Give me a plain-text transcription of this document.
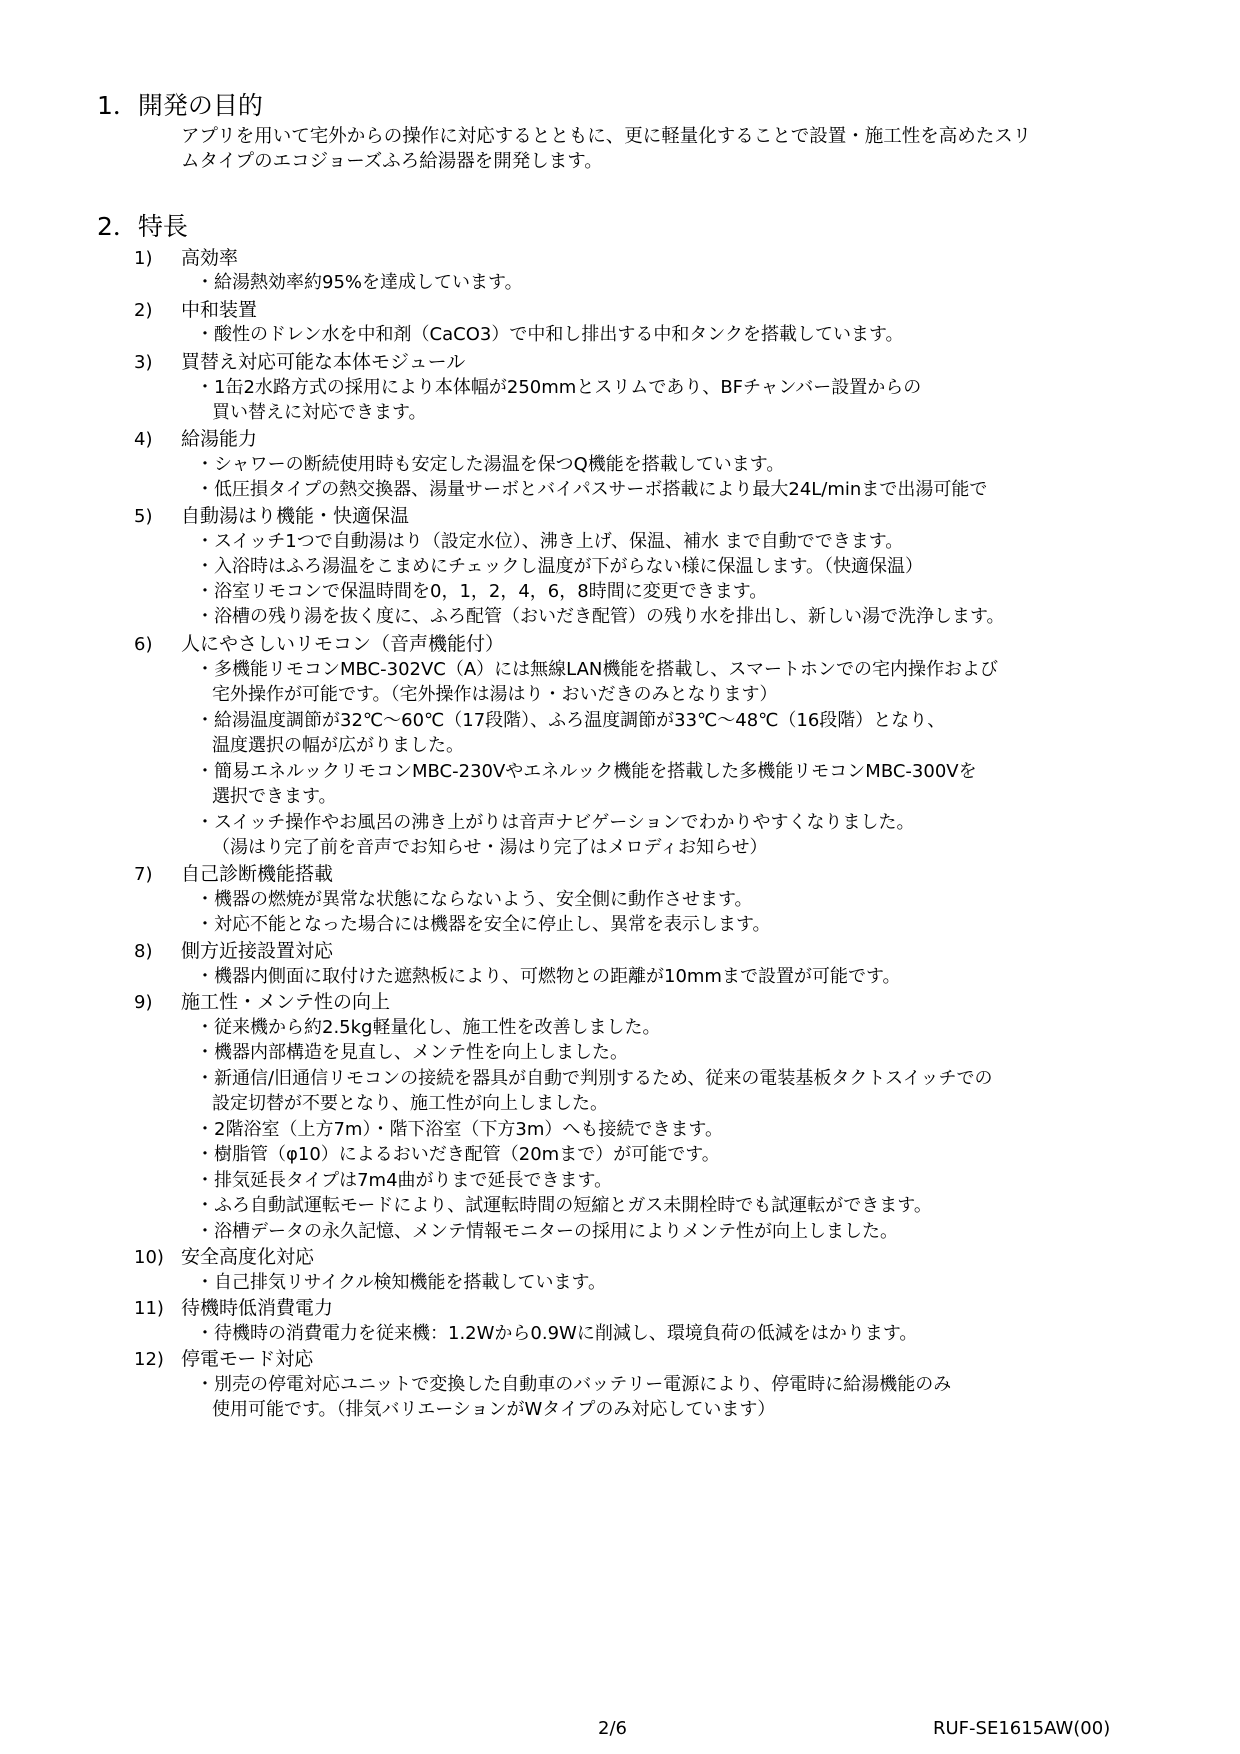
1．開発の目的
アプリを用いて宅外からの操作に対応するとともに、更に軽量化することで設置・施工性を高めたスリ
ムタイプのエコジョーズふろ給湯器を開発します。
2．特長
1) 高効率
・給湯熱効率約95%を達成しています。
2) 中和装置
・酸性のドレン水を中和剤（CaCO3）で中和し排出する中和タンクを搭載しています。
3) 買替え対応可能な本体モジュール
・1缶2水路方式の採用により本体幅が250mmとスリムであり、BFチャンバー設置からの
買い替えに対応できます。
4) 給湯能力
・シャワーの断続使用時も安定した湯温を保つQ機能を搭載しています。
・低圧損タイプの熱交換器、湯量サーボとバイパスサーボ搭載により最大24L/minまで出湯可能で
5) 自動湯はり機能・快適保温
・スイッチ1つで自動湯はり（設定水位）、沸き上げ、保温、補水 まで自動でできます。
・入浴時はふろ湯温をこまめにチェックし温度が下がらない様に保温します。（快適保温）
・浴室リモコンで保温時間を0，1，2，4，6，8時間に変更できます。
・浴槽の残り湯を抜く度に、ふろ配管（おいだき配管）の残り水を排出し、新しい湯で洗浄します。
6) 人にやさしいリモコン（音声機能付）
・多機能リモコンMBC-302VC（A）には無線LAN機能を搭載し、スマートホンでの宅内操作および
宅外操作が可能です。（宅外操作は湯はり・おいだきのみとなります）
・給湯温度調節が32℃～60℃（17段階）、ふろ温度調節が33℃～48℃（16段階）となり、
温度選択の幅が広がりました。
・簡易エネルックリモコンMBC-230Vやエネルック機能を搭載した多機能リモコンMBC-300Vを
選択できます。
・スイッチ操作やお風呂の沸き上がりは音声ナビゲーションでわかりやすくなりました。
（湯はり完了前を音声でお知らせ・湯はり完了はメロディお知らせ）
7) 自己診断機能搭載
・機器の燃焼が異常な状態にならないよう、安全側に動作させます。
・対応不能となった場合には機器を安全に停止し、異常を表示します。
8) 側方近接設置対応
・機器内側面に取付けた遮熱板により、可燃物との距離が10mmまで設置が可能です。
9) 施工性・メンテ性の向上
・従来機から約2.5kg軽量化し、施工性を改善しました。
・機器内部構造を見直し、メンテ性を向上しました。
・新通信/旧通信リモコンの接続を器具が自動で判別するため、従来の電装基板タクトスイッチでの
設定切替が不要となり、施工性が向上しました。
・2階浴室（上方7m）・階下浴室（下方3m）へも接続できます。
・樹脂管（φ10）によるおいだき配管（20mまで）が可能です。
・排気延長タイプは7m4曲がりまで延長できます。
・ふろ自動試運転モードにより、試運転時間の短縮とガス未開栓時でも試運転ができます。
・浴槽データの永久記憶、メンテ情報モニターの採用によりメンテ性が向上しました。
10) 安全高度化対応
・自己排気リサイクル検知機能を搭載しています。
11) 待機時低消費電力
・待機時の消費電力を従来機：1.2Wから0.9Wに削減し、環境負荷の低減をはかります。
12) 停電モード対応
・別売の停電対応ユニットで変換した自動車のバッテリー電源により、停電時に給湯機能のみ
使用可能です。（排気バリエーションがWタイプのみ対応しています）
2/6	RUF-SE1615AW(00)
